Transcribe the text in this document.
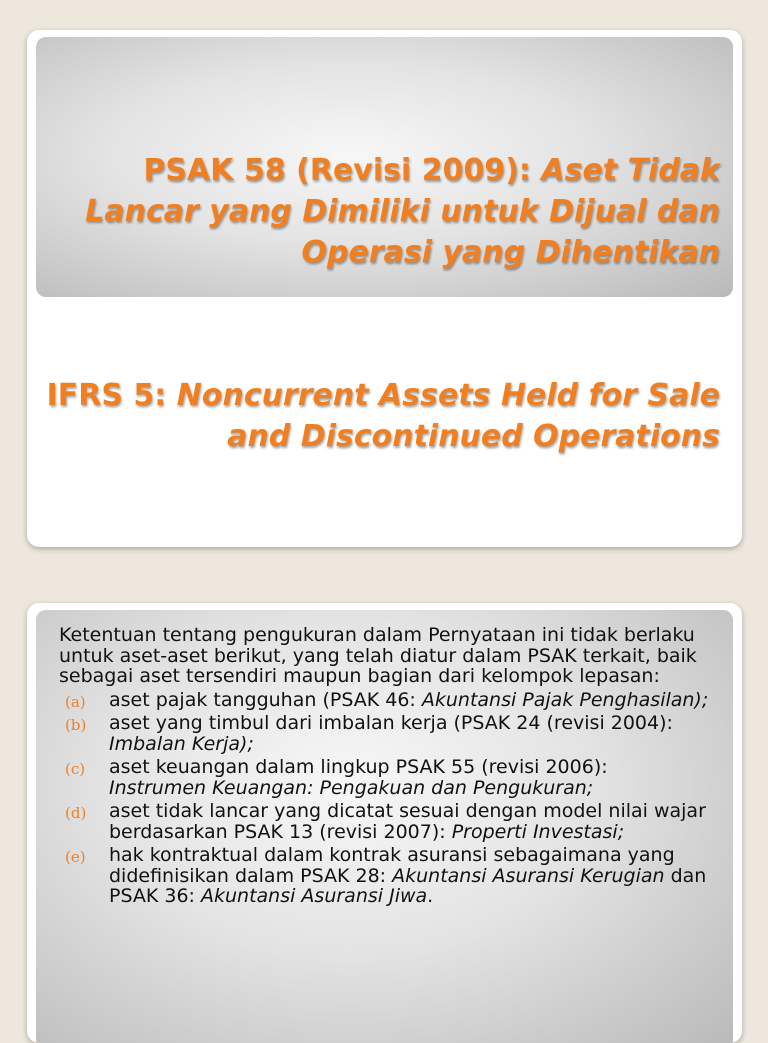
PSAK 58 (Revisi 2009): Aset Tidak Lancar yang Dimiliki untuk Dijual dan Operasi yang Dihentikan
IFRS 5: Noncurrent Assets Held for Sale and Discontinued Operations

Ketentuan tentang pengukuran dalam Pernyataan ini tidak berlaku untuk aset-aset berikut, yang telah diatur dalam PSAK terkait, baik sebagai aset tersendiri maupun bagian dari kelompok lepasan:

(a) aset pajak tangguhan (PSAK 46: Akuntansi Pajak Penghasilan);
(b) aset yang timbul dari imbalan kerja (PSAK 24 (revisi 2004): Imbalan Kerja);
(c) aset keuangan dalam lingkup PSAK 55 (revisi 2006): Instrumen Keuangan: Pengakuan dan Pengukuran;
(d) aset tidak lancar yang dicatat sesuai dengan model nilai wajar berdasarkan PSAK 13 (revisi 2007): Properti Investasi;
(e) hak kontraktual dalam kontrak asuransi sebagaimana yang didefinisikan dalam PSAK 28: Akuntansi Asuransi Kerugian dan PSAK 36: Akuntansi Asuransi Jiwa.
